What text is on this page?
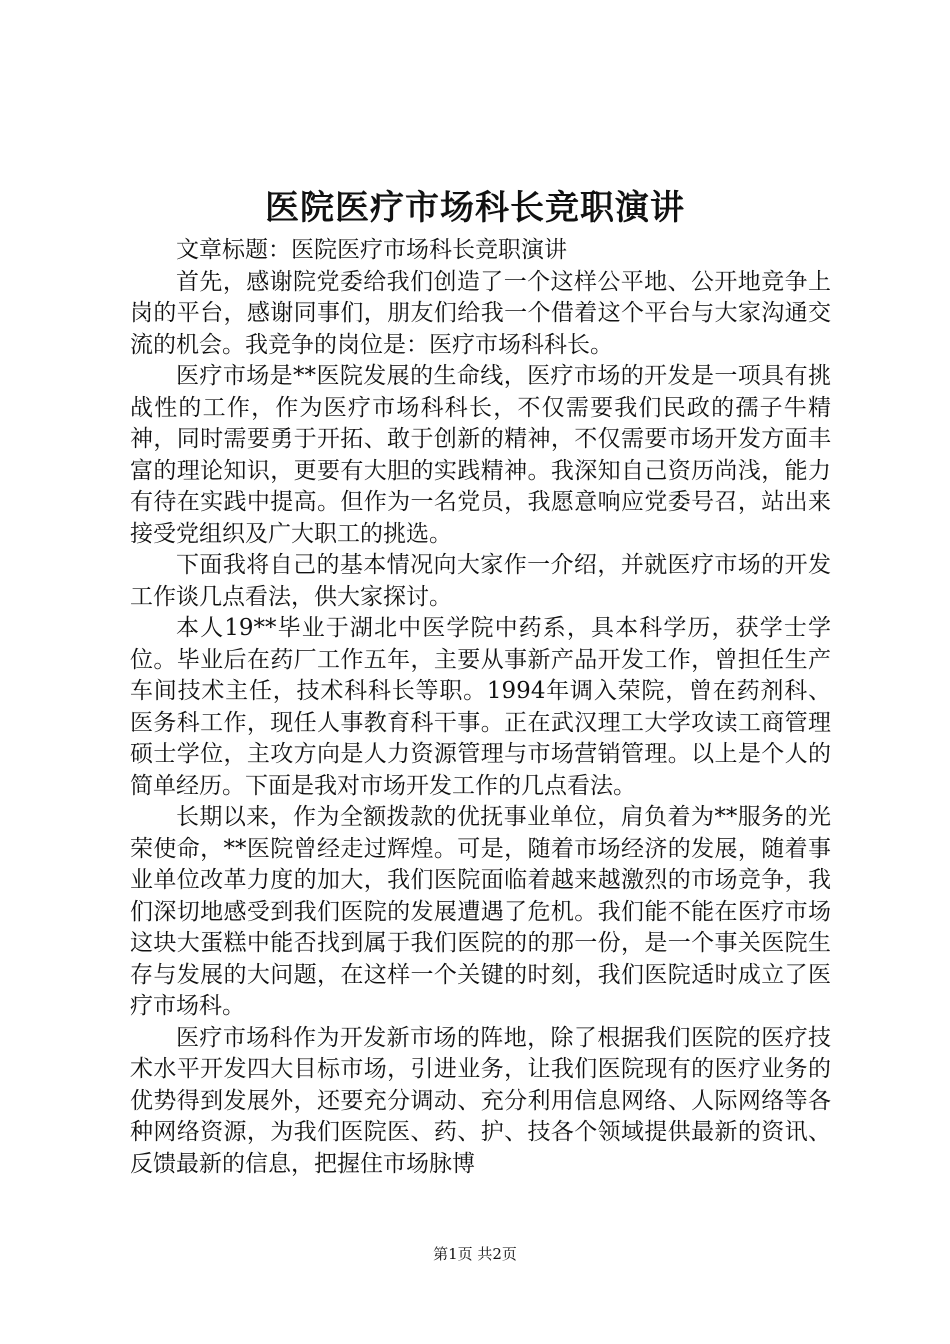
医院医疗市场科长竞职演讲

文章标题：医院医疗市场科长竞职演讲

首先，感谢院党委给我们创造了一个这样公平地、公开地竞争上岗的平台，感谢同事们，朋友们给我一个借着这个平台与大家沟通交流的机会。我竞争的岗位是：医疗市场科科长。

医疗市场是**医院发展的生命线，医疗市场的开发是一项具有挑战性的工作，作为医疗市场科科长，不仅需要我们民政的孺子牛精神，同时需要勇于开拓、敢于创新的精神，不仅需要市场开发方面丰富的理论知识，更要有大胆的实践精神。我深知自己资历尚浅，能力有待在实践中提高。但作为一名党员，我愿意响应党委号召，站出来接受党组织及广大职工的挑选。

下面我将自己的基本情况向大家作一介绍，并就医疗市场的开发工作谈几点看法，供大家探讨。

本人19**毕业于湖北中医学院中药系，具本科学历，获学士学位。毕业后在药厂工作五年，主要从事新产品开发工作，曾担任生产车间技术主任，技术科科长等职。1994年调入荣院，曾在药剂科、医务科工作，现任人事教育科干事。正在武汉理工大学攻读工商管理硕士学位，主攻方向是人力资源管理与市场营销管理。以上是个人的简单经历。下面是我对市场开发工作的几点看法。

长期以来，作为全额拨款的优抚事业单位，肩负着为**服务的光荣使命，**医院曾经走过辉煌。可是，随着市场经济的发展，随着事业单位改革力度的加大，我们医院面临着越来越激烈的市场竞争，我们深切地感受到我们医院的发展遭遇了危机。我们能不能在医疗市场这块大蛋糕中能否找到属于我们医院的的那一份，是一个事关医院生存与发展的大问题，在这样一个关键的时刻，我们医院适时成立了医疗市场科。

医疗市场科作为开发新市场的阵地，除了根据我们医院的医疗技术水平开发四大目标市场，引进业务，让我们医院现有的医疗业务的优势得到发展外，还要充分调动、充分利用信息网络、人际网络等各种网络资源，为我们医院医、药、护、技各个领域提供最新的资讯、反馈最新的信息，把握住市场脉博

第1页 共2页
